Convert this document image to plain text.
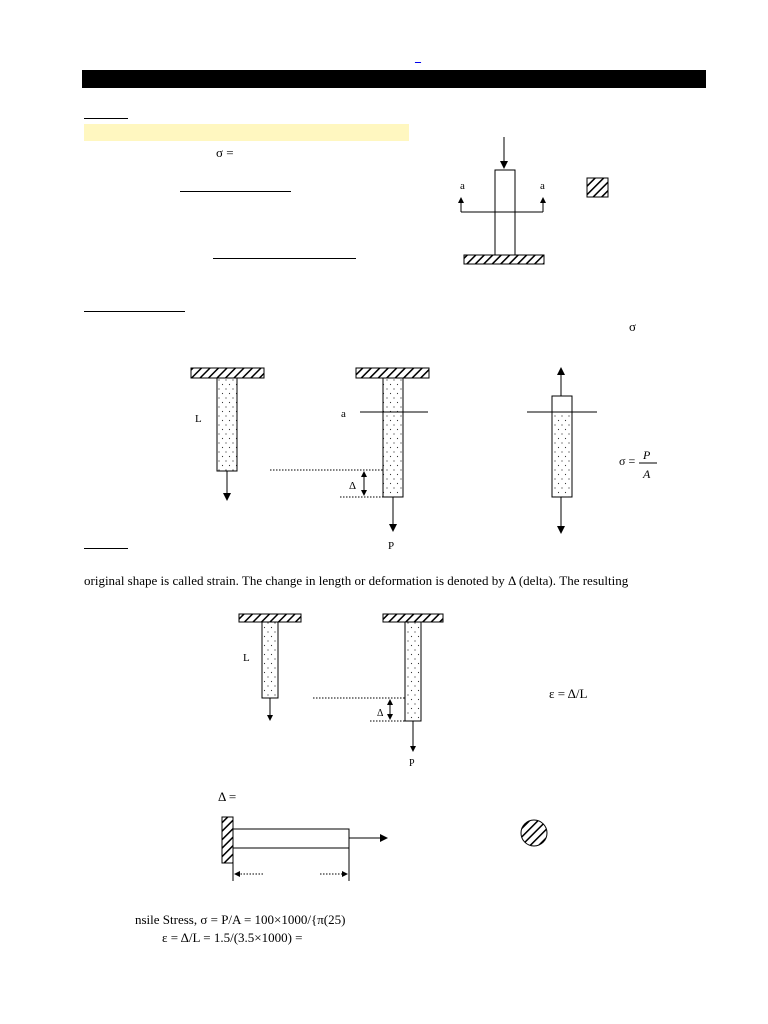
_
σ =
σ
original shape is called strain. The change in length or deformation is denoted by Δ (delta). The resulting
Δ =
nsile Stress, σ = P/A = 100×1000/{π(25)
ε = Δ/L = 1.5/(3.5×1000) =
a	a
L	a
Δ
P
σ = P
A
L
Δ
P
ε = Δ/L
